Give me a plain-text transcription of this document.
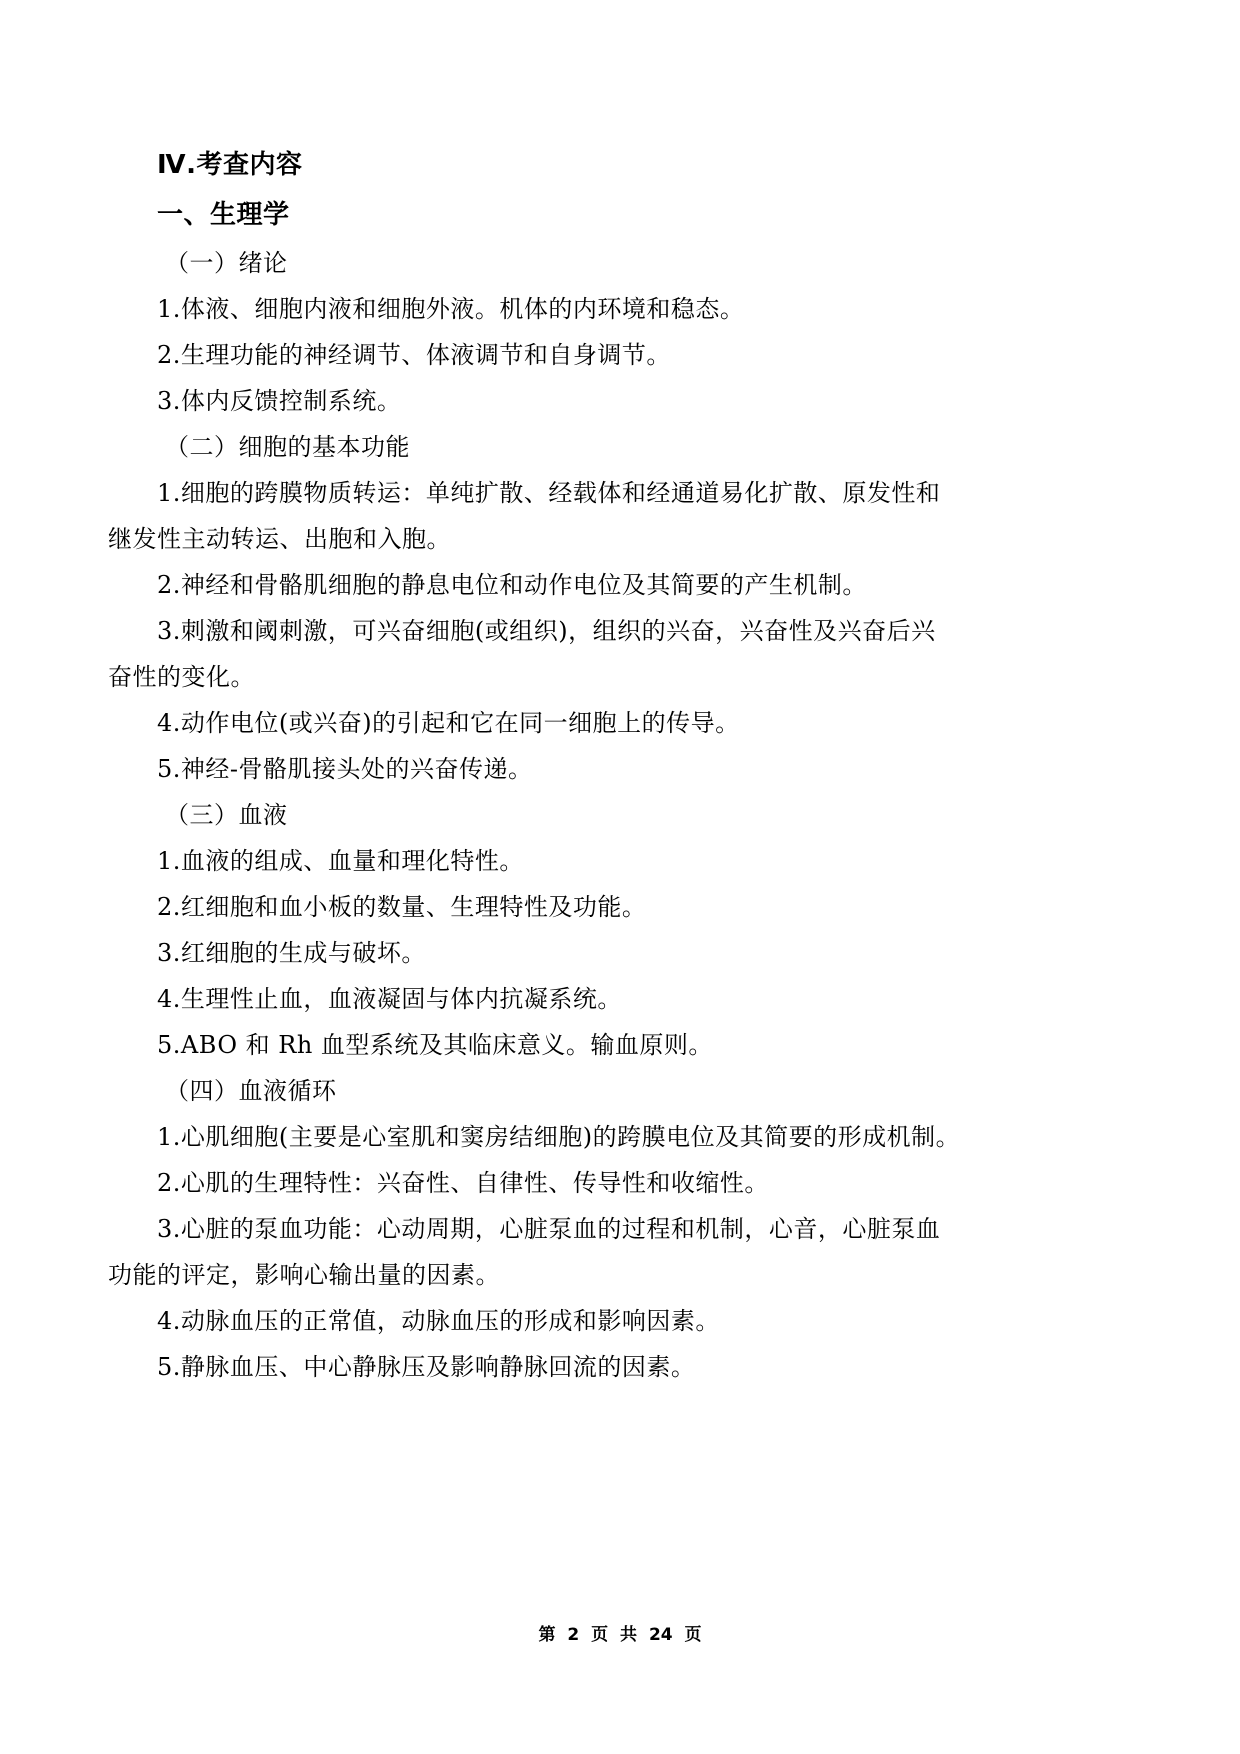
Ⅳ.考查内容
一、生理学
（一）绪论
1.体液、细胞内液和细胞外液。机体的内环境和稳态。
2.生理功能的神经调节、体液调节和自身调节。
3.体内反馈控制系统。
（二）细胞的基本功能
1.细胞的跨膜物质转运：单纯扩散、经载体和经通道易化扩散、原发性和
继发性主动转运、出胞和入胞。
2.神经和骨骼肌细胞的静息电位和动作电位及其简要的产生机制。
3.刺激和阈刺激，可兴奋细胞(或组织)，组织的兴奋，兴奋性及兴奋后兴
奋性的变化。
4.动作电位(或兴奋)的引起和它在同一细胞上的传导。
5.神经-骨骼肌接头处的兴奋传递。
（三）血液
1.血液的组成、血量和理化特性。
2.红细胞和血小板的数量、生理特性及功能。
3.红细胞的生成与破坏。
4.生理性止血，血液凝固与体内抗凝系统。
5.ABO 和 Rh 血型系统及其临床意义。输血原则。
（四）血液循环
1.心肌细胞(主要是心室肌和窦房结细胞)的跨膜电位及其简要的形成机制。
2.心肌的生理特性：兴奋性、自律性、传导性和收缩性。
3.心脏的泵血功能：心动周期，心脏泵血的过程和机制，心音，心脏泵血
功能的评定，影响心输出量的因素。
4.动脉血压的正常值，动脉血压的形成和影响因素。
5.静脉血压、中心静脉压及影响静脉回流的因素。
第 2 页 共 24 页
